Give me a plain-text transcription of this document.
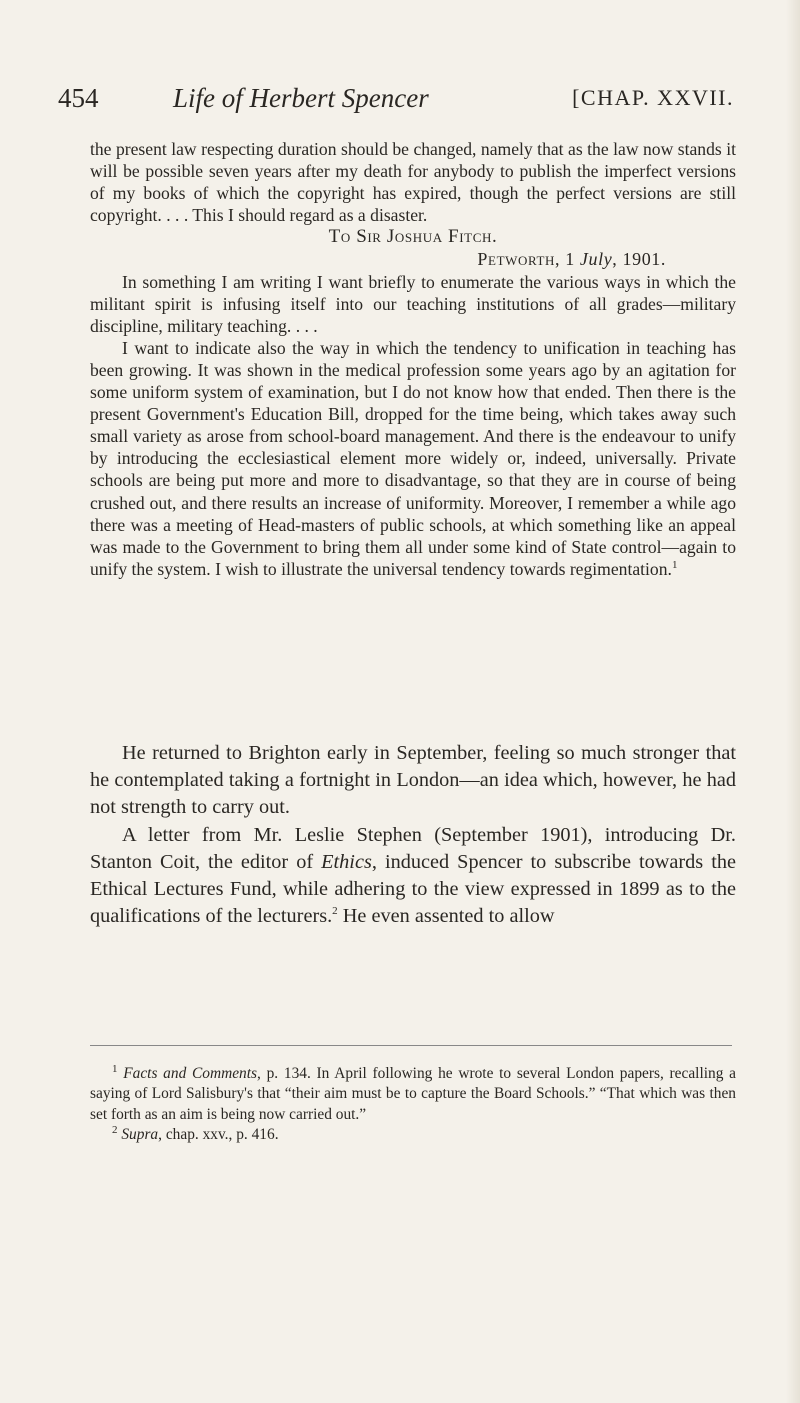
454	Life of Herbert Spencer	[CHAP. XXVII.

the present law respecting duration should be changed, namely that as the law now stands it will be possible seven years after my death for anybody to publish the imperfect versions of my books of which the copyright has expired, though the perfect versions are still copyright. . . . This I should regard as a disaster.

To Sir Joshua Fitch.

Petworth, 1 July, 1901.

In something I am writing I want briefly to enumerate the various ways in which the militant spirit is infusing itself into our teaching institutions of all grades—military discipline, military teaching. . . .

I want to indicate also the way in which the tendency to unification in teaching has been growing. It was shown in the medical profession some years ago by an agitation for some uniform system of examination, but I do not know how that ended. Then there is the present Government's Education Bill, dropped for the time being, which takes away such small variety as arose from school-board management. And there is the endeavour to unify by introducing the ecclesiastical element more widely or, indeed, universally. Private schools are being put more and more to disadvantage, so that they are in course of being crushed out, and there results an increase of uniformity. Moreover, I remember a while ago there was a meeting of Head-masters of public schools, at which something like an appeal was made to the Government to bring them all under some kind of State control—again to unify the system. I wish to illustrate the universal tendency towards regimentation.$^1$

He returned to Brighton early in September, feeling so much stronger that he contemplated taking a fortnight in London—an idea which, however, he had not strength to carry out.

A letter from Mr. Leslie Stephen (September 1901), introducing Dr. Stanton Coit, the editor of Ethics, induced Spencer to subscribe towards the Ethical Lectures Fund, while adhering to the view expressed in 1899 as to the qualifications of the lecturers.$^2$ He even assented to allow

$^1$ Facts and Comments, p. 134. In April following he wrote to several London papers, recalling a saying of Lord Salisbury's that “their aim must be to capture the Board Schools.” “That which was then set forth as an aim is being now carried out.”

$^2$ Supra, chap. xxv., p. 416.
